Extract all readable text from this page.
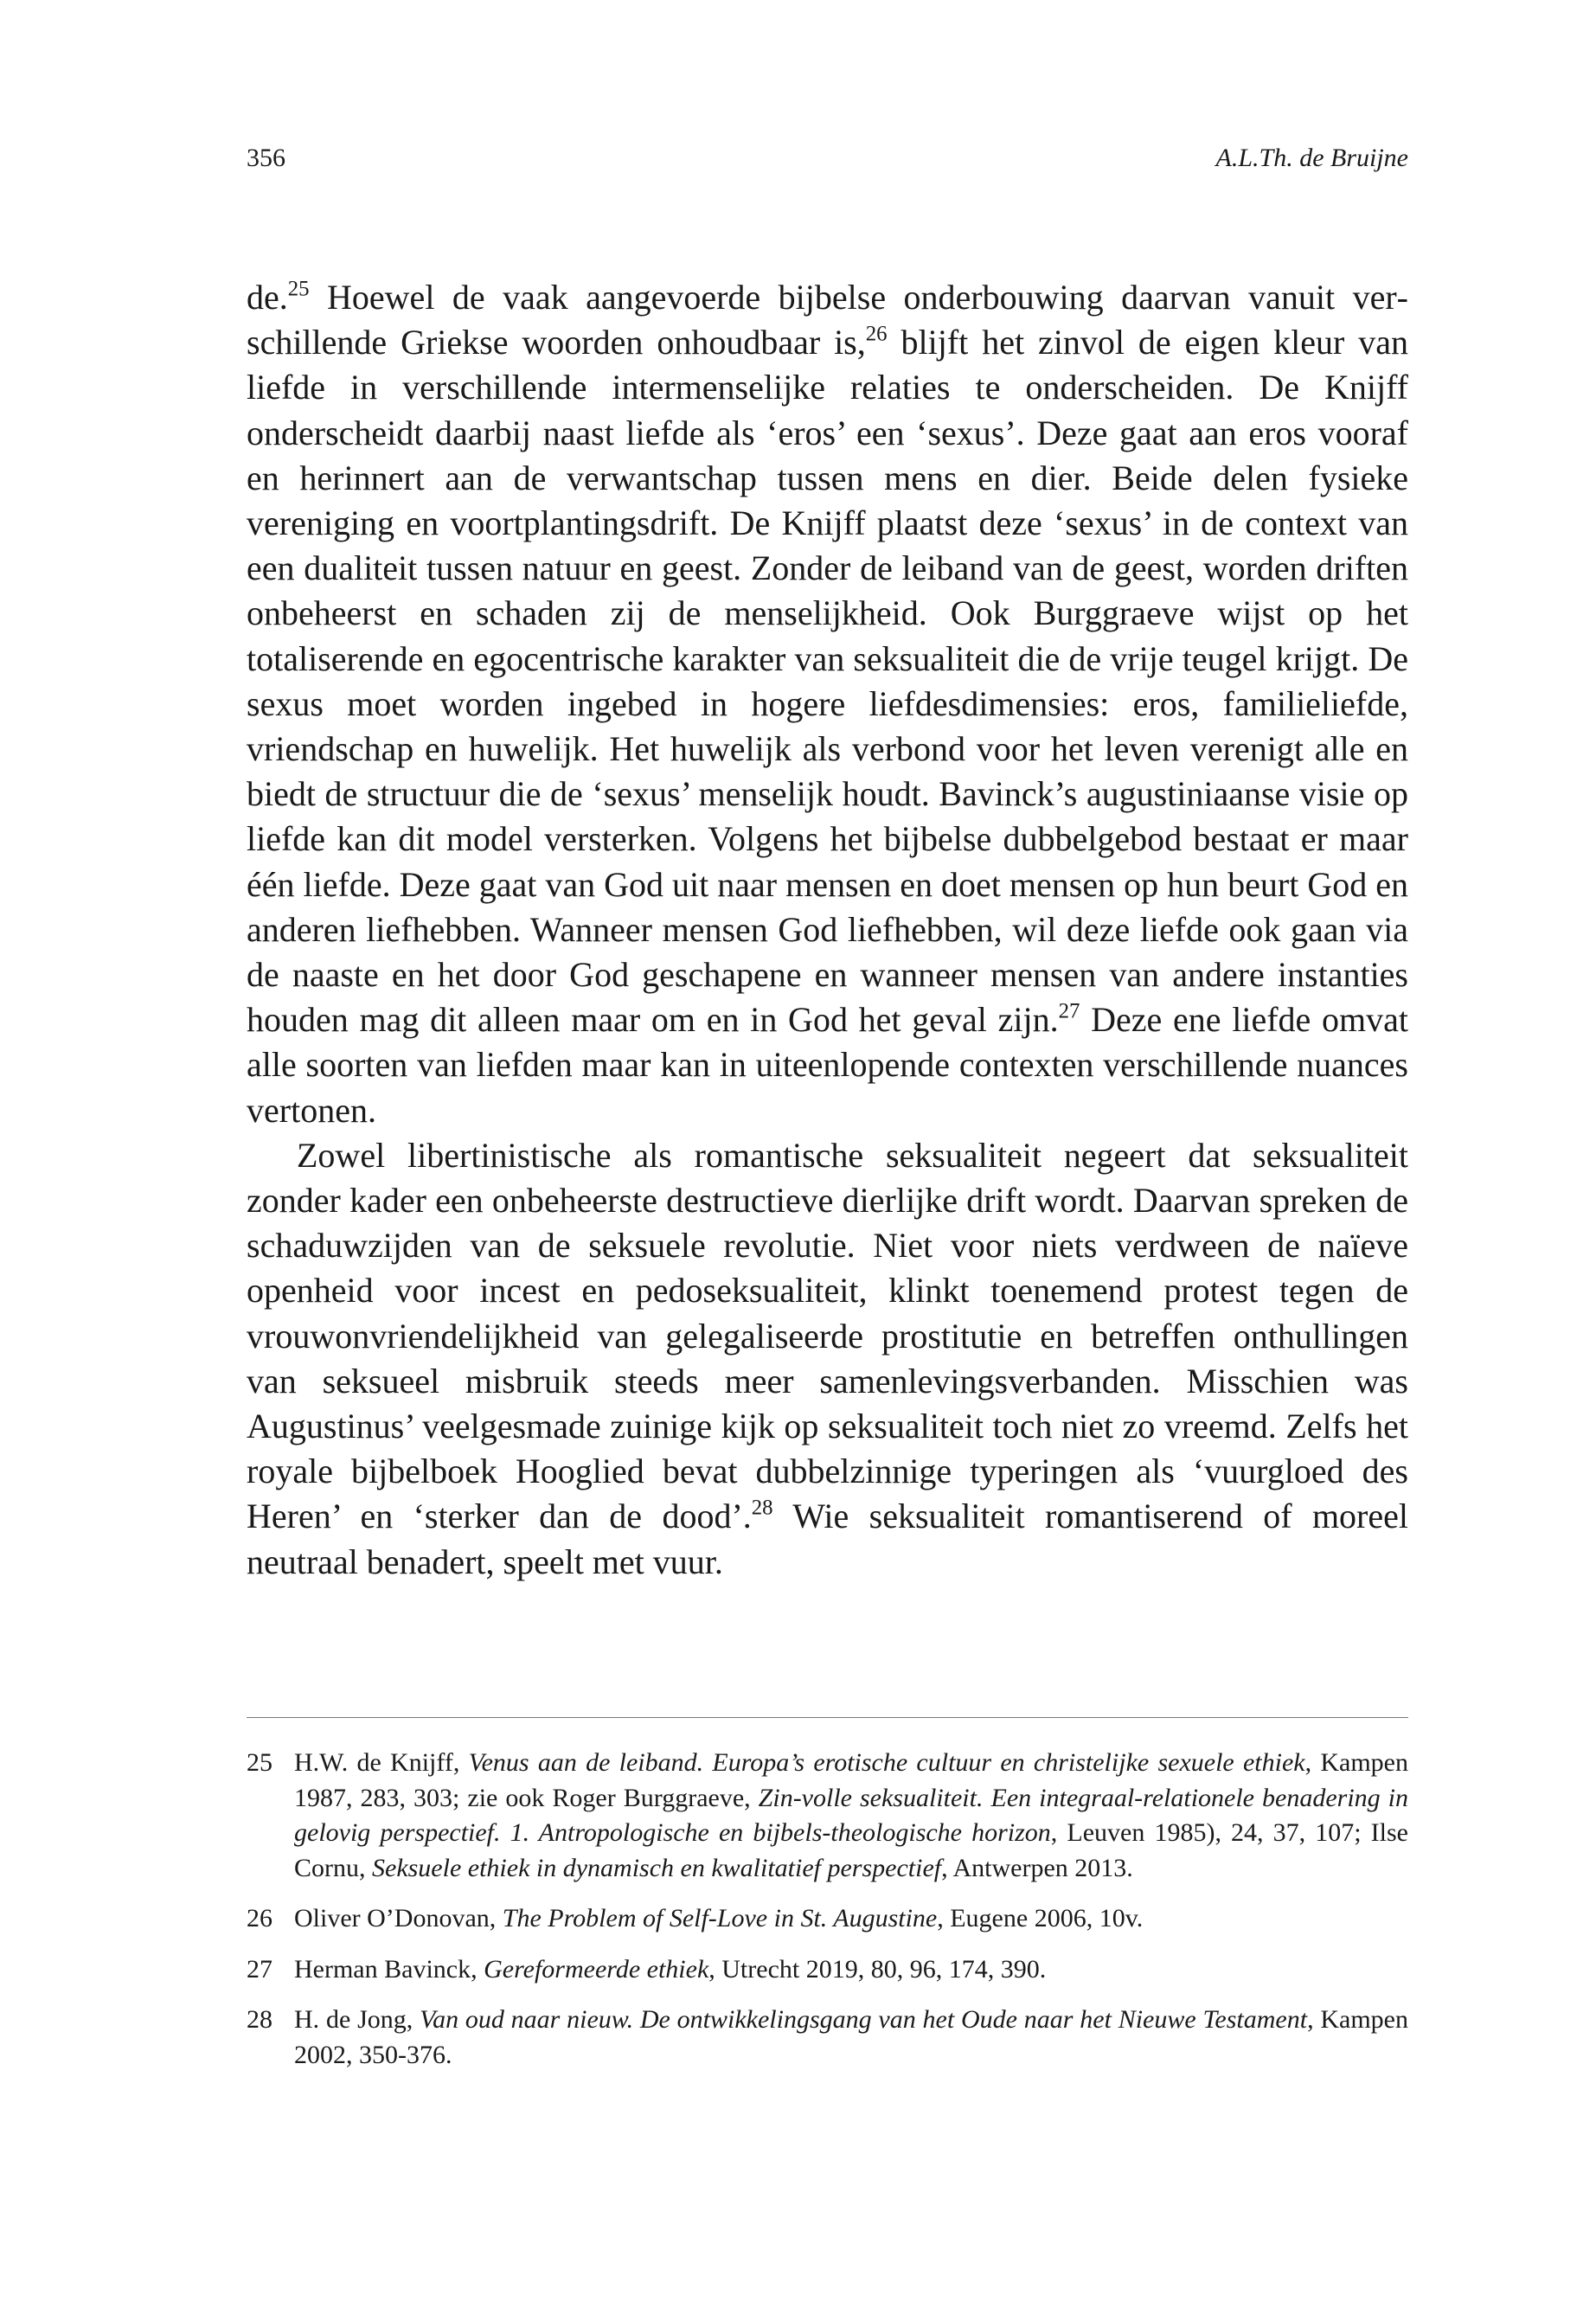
356	A.L.Th. de Bruijne

de.$^{25}$ Hoewel de vaak aangevoerde bijbelse onderbouwing daarvan vanuit verschillende Griekse woorden onhoudbaar is,$^{26}$ blijft het zinvol de eigen kleur van liefde in verschillende intermenselijke relaties te onderscheiden. De Knijff onderscheidt daarbij naast liefde als ‘eros’ een ‘sexus’. Deze gaat aan eros vooraf en herinnert aan de verwantschap tussen mens en dier. Beide delen fysieke vereniging en voortplantingsdrift. De Knijff plaatst deze ‘sexus’ in de context van een dualiteit tussen natuur en geest. Zonder de leiband van de geest, worden driften onbeheerst en schaden zij de menselijkheid. Ook Burggraeve wijst op het totaliserende en egocentrische karakter van seksualiteit die de vrije teugel krijgt. De sexus moet worden ingebed in hogere liefdesdimensies: eros, familieliefde, vriendschap en huwelijk. Het huwelijk als verbond voor het leven verenigt alle en biedt de structuur die de ‘sexus’ menselijk houdt. Bavinck’s augustiniaanse visie op liefde kan dit model versterken. Volgens het bijbelse dubbelgebod bestaat er maar één liefde. Deze gaat van God uit naar mensen en doet mensen op hun beurt God en anderen liefhebben. Wanneer mensen God liefhebben, wil deze liefde ook gaan via de naaste en het door God geschapene en wanneer mensen van andere instanties houden mag dit alleen maar om en in God het geval zijn.$^{27}$ Deze ene liefde omvat alle soorten van liefden maar kan in uiteenlopende contexten verschillende nuances vertonen.

Zowel libertinistische als romantische seksualiteit negeert dat seksualiteit zonder kader een onbeheerste destructieve dierlijke drift wordt. Daarvan spreken de schaduwzijden van de seksuele revolutie. Niet voor niets verdween de naïeve openheid voor incest en pedoseksualiteit, klinkt toenemend protest tegen de vrouwonvriendelijkheid van gelegaliseerde prostitutie en betreffen onthullingen van seksueel misbruik steeds meer samenlevingsverbanden. Misschien was Augustinus’ veelgesmade zuinige kijk op seksualiteit toch niet zo vreemd. Zelfs het royale bijbelboek Hooglied bevat dubbelzinnige typeringen als ‘vuurgloed des Heren’ en ‘sterker dan de dood’.$^{28}$ Wie seksualiteit romantiserend of moreel neutraal benadert, speelt met vuur.

25 H.W. de Knijff, Venus aan de leiband. Europa’s erotische cultuur en christelijke sexuele ethiek, Kampen 1987, 283, 303; zie ook Roger Burggraeve, Zin-volle seksualiteit. Een integraal-relationele benadering in gelovig perspectief. 1. Antropologische en bijbels-theologische horizon, Leuven 1985), 24, 37, 107; Ilse Cornu, Seksuele ethiek in dynamisch en kwalitatief perspectief, Antwerpen 2013.
26 Oliver O’Donovan, The Problem of Self-Love in St. Augustine, Eugene 2006, 10v.
27 Herman Bavinck, Gereformeerde ethiek, Utrecht 2019, 80, 96, 174, 390.
28 H. de Jong, Van oud naar nieuw. De ontwikkelingsgang van het Oude naar het Nieuwe Testament, Kampen 2002, 350-376.
